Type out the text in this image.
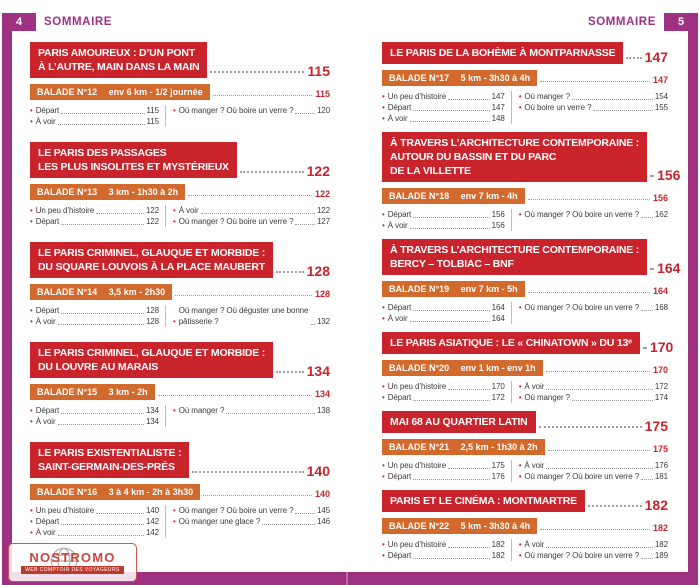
4	SOMMAIRE	SOMMAIRE	5
PARIS AMOUREUX : D’UN PONT
À L’AUTRE, MAIN DANS LA MAIN	115
BALADE N°12 env 6 km - 1/2 journée	115
•
Départ	115
•
À voir	115
•
Où manger ? Où boire un verre ?	120
LE PARIS DES PASSAGES
LES PLUS INSOLITES ET MYSTÉRIEUX	122
BALADE N°13 3 km - 1h30 à 2h	122
•
Un peu d’histoire	122
•
Départ	122
•
À voir	122
•
Où manger ? Où boire un verre ?	127
LE PARIS CRIMINEL, GLAUQUE ET MORBIDE :
DU SQUARE LOUVOIS À LA PLACE MAUBERT	128
BALADE N°14 3,5 km - 2h30	128
•
Départ	128
•
À voir	128
•
Où manger ? Où déguster une bonne pâtisserie ?	132
LE PARIS CRIMINEL, GLAUQUE ET MORBIDE :
DU LOUVRE AU MARAIS	134
BALADE N°15 3 km - 2h	134
•
Départ	134
•
À voir	134
•
Où manger ?	138
LE PARIS EXISTENTIALISTE :
SAINT-GERMAIN-DES-PRÉS	140
BALADE N°16 3 à 4 km - 2h à 3h30	140
•
Un peu d’histoire	140
•
Départ	142
•
À voir	142
•
Où manger ? Où boire un verre ?	145
•
Où manger une glace ?	146
LE PARIS DE LA BOHÈME À MONTPARNASSE 147
BALADE N°17 5 km - 3h30 à 4h	147
•
Un peu d’histoire	147
•
Départ	147
•
À voir	148
•
Où manger ?	154
•
Où boire un verre ?	155
À TRAVERS L’ARCHITECTURE CONTEMPORAINE :
AUTOUR DU BASSIN ET DU PARC
DE LA VILLETTE	156
BALADE N°18 env 7 km - 4h	156
•
Départ	156
•
À voir	156
•
Où manger ? Où boire un verre ? 162
À TRAVERS L’ARCHITECTURE CONTEMPORAINE :
BERCY – TOLBIAC – BNF	164
BALADE N°19 env 7 km - 5h	164
•
Départ	164
•
À voir	164
•
Où manger ? Où boire un verre ? 168
LE PARIS ASIATIQUE : LE « CHINATOWN » DU 13ᵉ 170
BALADE N°20 env 1 km - env 1h	170
•
Un peu d’histoire	170
•
Départ	172
•
À voir	172
•
Où manger ?	174
MAI 68 AU QUARTIER LATIN	175
BALADE N°21 2,5 km - 1h30 à 2h	175
•
Un peu d’histoire	175
•
Départ	176
•
À voir	176
•
Où manger ? Où boire un verre ? 181
PARIS ET LE CINÉMA : MONTMARTRE	182
BALADE N°22 5 km - 3h30 à 4h	182
•
Un peu d’histoire	182
•
Départ	182
•
À voir	182
•
Où manger ? Où boire un verre ? 189
NOSTROMO
WEB COMPTOIR DES VOYAGEURS
